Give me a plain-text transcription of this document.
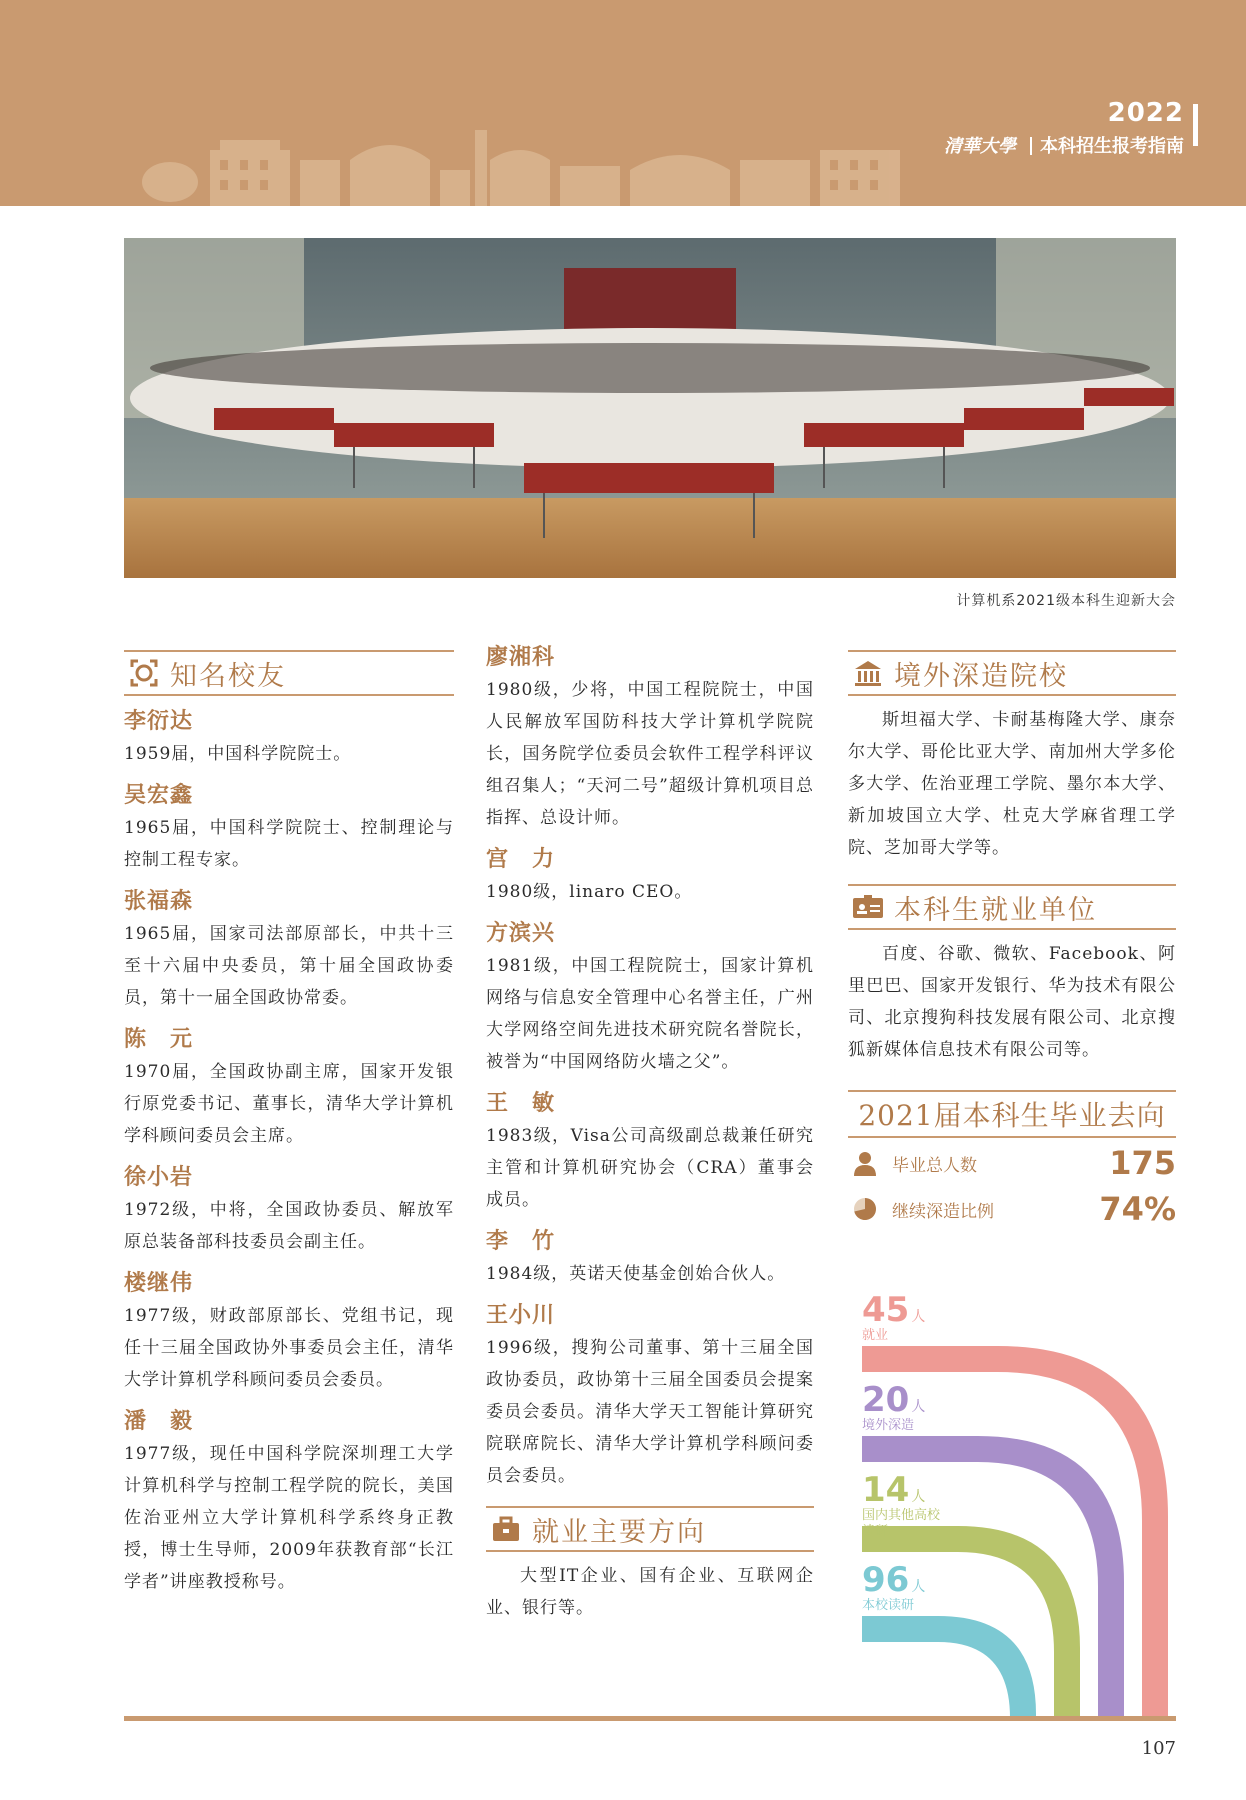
2022
清華大學 本科招生报考指南
计算机系2021级本科生迎新大会
知名校友
李衍达
1959届，中国科学院院士。
吴宏鑫
1965届，中国科学院院士、控制理论与控制工程专家。
张福森
1965届，国家司法部原部长，中共十三至十六届中央委员，第十届全国政协委员，第十一届全国政协常委。
陈　元
1970届，全国政协副主席，国家开发银行原党委书记、董事长，清华大学计算机学科顾问委员会主席。
徐小岩
1972级，中将，全国政协委员、解放军原总装备部科技委员会副主任。
楼继伟
1977级，财政部原部长、党组书记，现任十三届全国政协外事委员会主任，清华大学计算机学科顾问委员会委员。
潘　毅
1977级，现任中国科学院深圳理工大学计算机科学与控制工程学院的院长，美国佐治亚州立大学计算机科学系终身正教授，博士生导师，2009年获教育部“长江学者”讲座教授称号。
廖湘科
1980级，少将，中国工程院院士，中国人民解放军国防科技大学计算机学院院长，国务院学位委员会软件工程学科评议组召集人；“天河二号”超级计算机项目总指挥、总设计师。
宫　力
1980级，linaro CEO。
方滨兴
1981级，中国工程院院士，国家计算机网络与信息安全管理中心名誉主任，广州大学网络空间先进技术研究院名誉院长，被誉为“中国网络防火墙之父”。
王　敏
1983级，Visa公司高级副总裁兼任研究主管和计算机研究协会（CRA）董事会成员。
李　竹
1984级，英诺天使基金创始合伙人。
王小川
1996级，搜狗公司董事、第十三届全国政协委员，政协第十三届全国委员会提案委员会委员。清华大学天工智能计算研究院联席院长、清华大学计算机学科顾问委员会委员。
就业主要方向
大型IT企业、国有企业、互联网企业、银行等。
境外深造院校
斯坦福大学、卡耐基梅隆大学、康奈尔大学、哥伦比亚大学、南加州大学多伦多大学、佐治亚理工学院、墨尔本大学、新加坡国立大学、杜克大学麻省理工学院、芝加哥大学等。
本科生就业单位
百度、谷歌、微软、Facebook、阿里巴巴、国家开发银行、华为技术有限公司、北京搜狗科技发展有限公司、北京搜狐新媒体信息技术有限公司等。
2021届本科生毕业去向
毕业总人数	175
继续深造比例	74%
45 人
就业
20 人
境外深造
14 人
国内其他高校读研
96 人
本校读研
107
